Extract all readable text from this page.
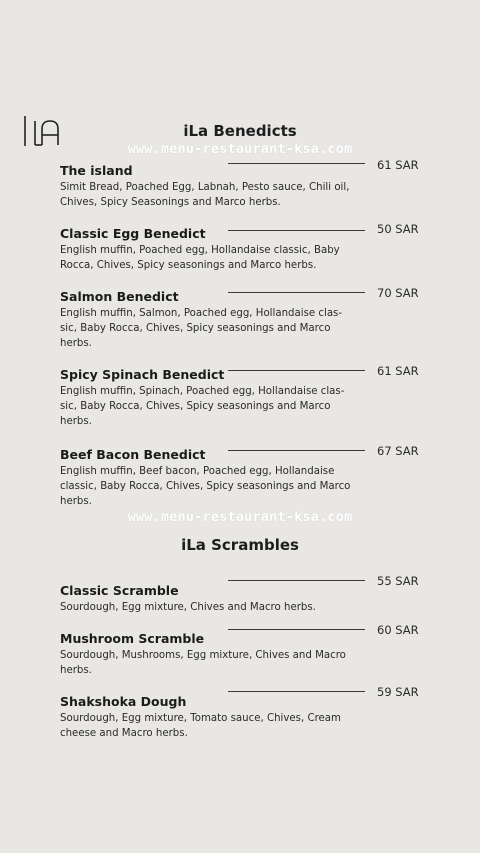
iLa Benedicts
www.menu-restaurant-ksa.com
61 SAR
The island
Simit Bread, Poached Egg, Labnah, Pesto sauce, Chili oil, Chives, Spicy Seasonings and Marco herbs.
50 SAR
Classic Egg Benedict
English muffin, Poached egg, Hollandaise classic, Baby Rocca, Chives, Spicy seasonings and Marco herbs.
70 SAR
Salmon Benedict
English muffin, Salmon, Poached egg, Hollandaise clas- sic, Baby Rocca, Chives, Spicy seasonings and Marco herbs.
61 SAR
Spicy Spinach Benedict
English muffin, Spinach, Poached egg, Hollandaise clas- sic, Baby Rocca, Chives, Spicy seasonings and Marco herbs.
67 SAR
Beef Bacon Benedict
English muffin, Beef bacon, Poached egg, Hollandaise classic, Baby Rocca, Chives, Spicy seasonings and Marco herbs.
www.menu-restaurant-ksa.com
iLa Scrambles
55 SAR
Classic Scramble
Sourdough, Egg mixture, Chives and Macro herbs.
60 SAR
Mushroom Scramble
Sourdough, Mushrooms, Egg mixture, Chives and Macro herbs.
59 SAR
Shakshoka Dough
Sourdough, Egg mixture, Tomato sauce, Chives, Cream cheese and Macro herbs.
